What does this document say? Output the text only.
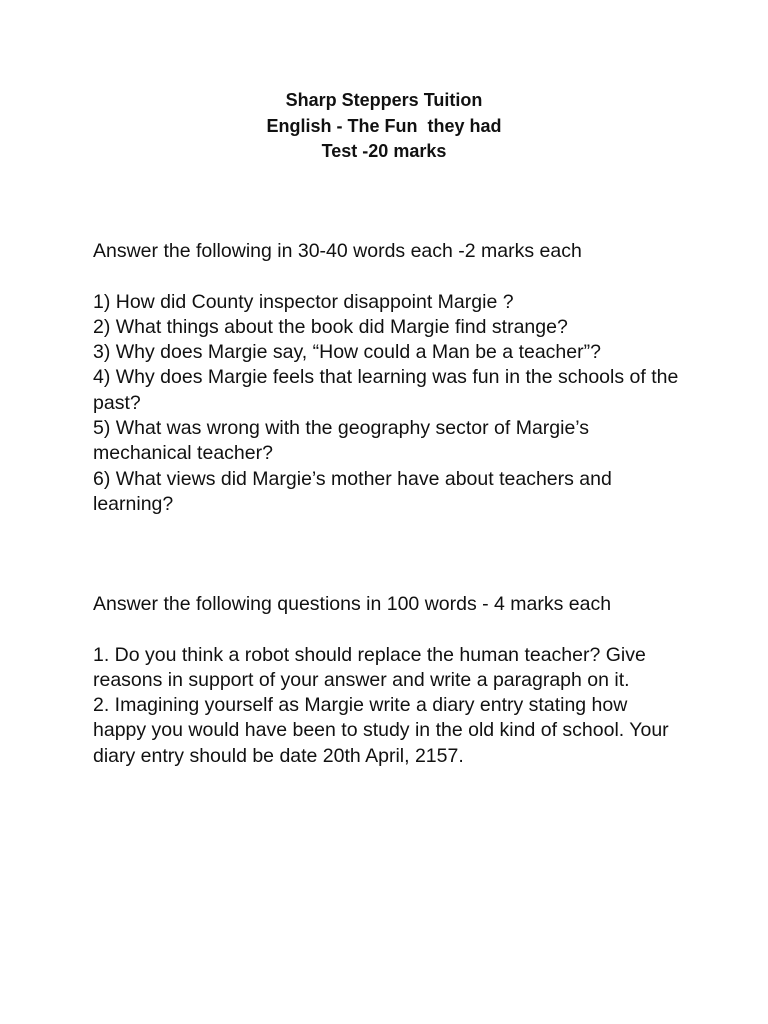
Sharp Steppers Tuition
English - The Fun  they had
Test -20 marks

Answer the following in 30-40 words each -2 marks each

1) How did County inspector disappoint Margie ?
2) What things about the book did Margie find strange?
3) Why does Margie say, “How could a Man be a teacher”?
4) Why does Margie feels that learning was fun in the schools of the past?
5) What was wrong with the geography sector of Margie’s mechanical teacher?
6) What views did Margie’s mother have about teachers and learning?

Answer the following questions in 100 words - 4 marks each

1. Do you think a robot should replace the human teacher? Give reasons in support of your answer and write a paragraph on it.
2. Imagining yourself as Margie write a diary entry stating how happy you would have been to study in the old kind of school. Your diary entry should be date 20th April, 2157.
